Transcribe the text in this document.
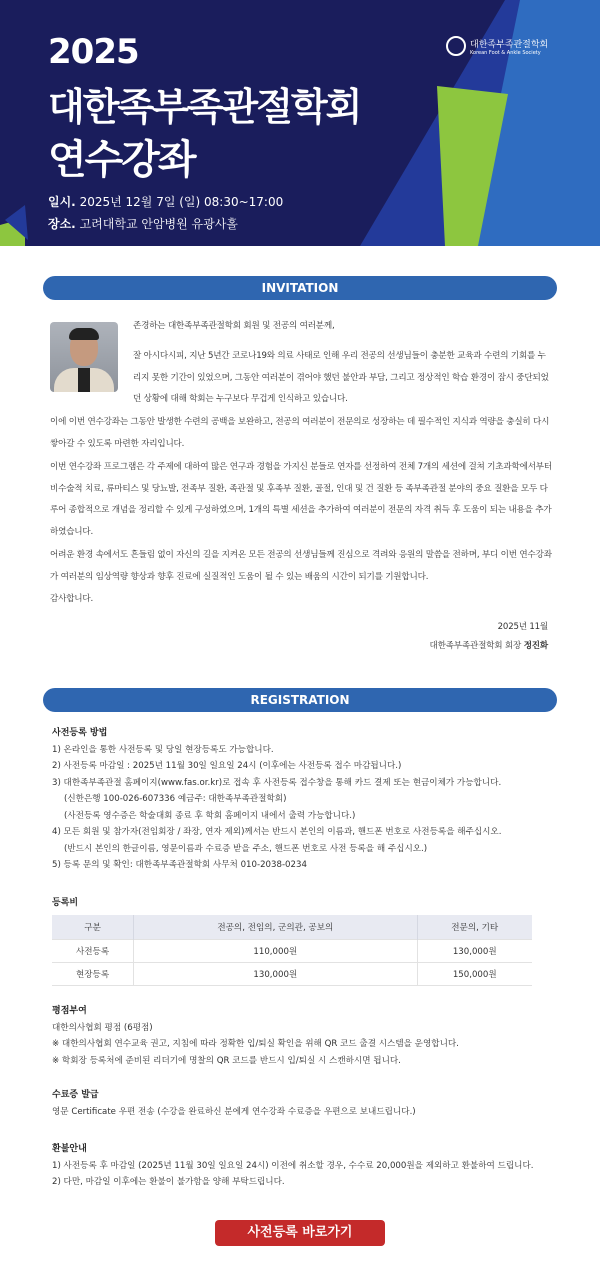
대한족부족관절학회
Korean Foot & Ankle Society
2025
대한족부족관절학회
연수강좌
일시. 2025년 12월 7일 (일) 08:30~17:00
장소. 고려대학교 안암병원 유광사홀
INVITATION
존경하는 대한족부족관절학회 회원 및 전공의 여러분께,
잘 아시다시피, 지난 5년간 코로나19와 의료 사태로 인해 우리 전공의 선생님들이 충분한 교육과 수련의 기회를 누리지 못한 기간이 있었으며, 그동안 여러분이 겪어야 했던 불안과 부담, 그리고 정상적인 학습 환경이 잠시 중단되었던 상황에 대해 학회는 누구보다 무겁게 인식하고 있습니다.
이에 이번 연수강좌는 그동안 발생한 수련의 공백을 보완하고, 전공의 여러분이 전문의로 성장하는 데 필수적인 지식과 역량을 충실히 다시 쌓아갈 수 있도록 마련한 자리입니다.
이번 연수강좌 프로그램은 각 주제에 대하여 많은 연구과 경험을 가지신 분들로 연자를 선정하여 전체 7개의 세션에 걸쳐 기초과학에서부터 비수술적 치료, 류마티스 및 당뇨발, 전족부 질환, 족관절 및 후족부 질환, 골절, 인대 및 건 질환 등 족부족관절 분야의 중요 질환을 모두 다루어 종합적으로 개념을 정리할 수 있게 구성하였으며, 1개의 특별 세션을 추가하여 여러분이 전문의 자격 취득 후 도움이 되는 내용을 추가하였습니다.
어려운 환경 속에서도 흔들림 없이 자신의 길을 지켜온 모든 전공의 선생님들께 진심으로 격려와 응원의 말씀을 전하며, 부디 이번 연수강좌가 여러분의 임상역량 향상과 향후 진료에 실질적인 도움이 될 수 있는 배움의 시간이 되기를 기원합니다.
감사합니다.
2025년 11월
대한족부족관절학회 회장 정진화
REGISTRATION
사전등록 방법
1) 온라인을 통한 사전등록 및 당일 현장등록도 가능합니다.
2) 사전등록 마감일 : 2025년 11월 30일 일요일 24시 (이후에는 사전등록 접수 마감됩니다.)
3) 대한족부족관절 홈페이지(www.fas.or.kr)로 접속 후 사전등록 접수창을 통해 카드 결제 또는 현금이체가 가능합니다.
(신한은행 100-026-607336 예금주: 대한족부족관절학회)
(사전등록 영수증은 학술대회 종료 후 학회 홈페이지 내에서 출력 가능합니다.)
4) 모든 회원 및 참가자(전임회장 / 좌장, 연자 제외)께서는 반드시 본인의 이름과, 핸드폰 번호로 사전등록을 해주십시오.
(반드시 본인의 한글이름, 영문이름과 수료증 받을 주소, 핸드폰 번호로 사전 등록을 해 주십시오.)
5) 등록 문의 및 확인: 대한족부족관절학회 사무처 010-2038-0234
등록비
구분	전공의, 전임의, 군의관, 공보의	전문의, 기타
사전등록	110,000원	130,000원
현장등록	130,000원	150,000원
평점부여
대한의사협회 평점 (6평점)
※ 대한의사협회 연수교육 권고, 지침에 따라 정확한 입/퇴실 확인을 위해 QR 코드 출결 시스템을 운영합니다.
※ 학회장 등록처에 준비된 리더기에 명찰의 QR 코드를 반드시 입/퇴실 시 스캔하시면 됩니다.
수료증 발급
영문 Certificate 우편 전송 (수강을 완료하신 분에게 연수강좌 수료증을 우편으로 보내드립니다.)
환불안내
1) 사전등록 후 마감일 (2025년 11월 30일 일요일 24시) 이전에 취소할 경우, 수수료 20,000원을 제외하고 환불하여 드립니다.
2) 다만, 마감일 이후에는 환불이 불가함을 양해 부탁드립니다.
사전등록 바로가기
